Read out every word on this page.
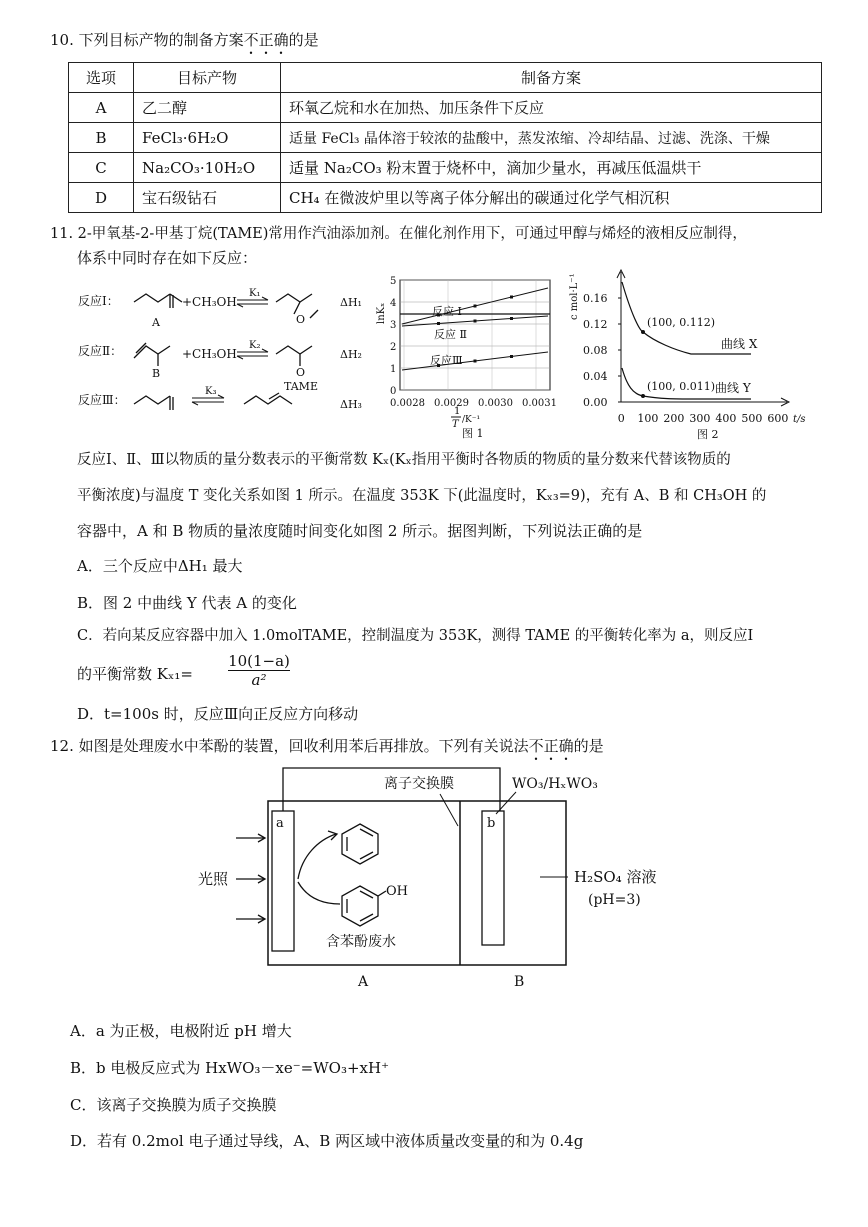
10. 下列目标产物的制备方案不正确的是
选项	目标产物	制备方案
A	乙二醇	环氧乙烷和水在加热、加压条件下反应
B	FeCl₃·6H₂O	适量 FeCl₃ 晶体溶于较浓的盐酸中，蒸发浓缩、冷却结晶、过滤、洗涤、干燥
C	Na₂CO₃·10H₂O	适量 Na₂CO₃ 粉末置于烧杯中，滴加少量水，再减压低温烘干
D	宝石级钻石	CH₄ 在微波炉里以等离子体分解出的碳通过化学气相沉积
11. 2-甲氧基-2-甲基丁烷(TAME)常用作汽油添加剂。在催化剂作用下，可通过甲醇与烯烃的液相反应制得，
体系中同时存在如下反应：
反应Ⅰ：
A
+CH₃OH
K₁
O
ΔH₁
反应Ⅱ：
B
+CH₃OH
K₂
O
TAME
ΔH₂
反应Ⅲ：
K₃
ΔH₃
lnKₓ
5
4
3
2
1
0
0.0028 0.0029 0.0030 0.0031
反应 Ⅰ
反应 Ⅱ
反应Ⅲ
1
T /K⁻¹
图 1
c mol·L⁻¹ 0.16
0.12
0.08
0.04
0.00
0 100 200 300 400 500 600 t/s
(100, 0.112)
(100, 0.011)
曲线 X
曲线 Y
图 2
反应Ⅰ、Ⅱ、Ⅲ以物质的量分数表示的平衡常数 Kₓ(Kₓ指用平衡时各物质的物质的量分数来代替该物质的
平衡浓度)与温度 T 变化关系如图 1 所示。在温度 353K 下(此温度时，Kₓ₃=9)，充有 A、B 和 CH₃OH 的
容器中，A 和 B 物质的量浓度随时间变化如图 2 所示。据图判断，下列说法正确的是
A．三个反应中ΔH₁ 最大
B．图 2 中曲线 Y 代表 A 的变化
C．若向某反应容器中加入 1.0molTAME，控制温度为 353K，测得 TAME 的平衡转化率为 a，则反应I
的平衡常数 $K_{x1}= \frac{10(1-a)}{\text{a²}}$
D．t=100s 时，反应Ⅲ向正反应方向移动
12. 如图是处理废水中苯酚的装置，回收利用苯后再排放。下列有关说法不正确的是
a	b
离子交换膜	WO₃/HₓWO₃
光照
OH
含苯酚废水
H₂SO₄ 溶液
(pH=3)
A	B
A．a 为正极，电极附近 pH 增大
B．b 电极反应式为 HxWO₃－xe⁻=WO₃+xH⁺
C．该离子交换膜为质子交换膜
D．若有 0.2mol 电子通过导线，A、B 两区域中液体质量改变量的和为 0.4g
